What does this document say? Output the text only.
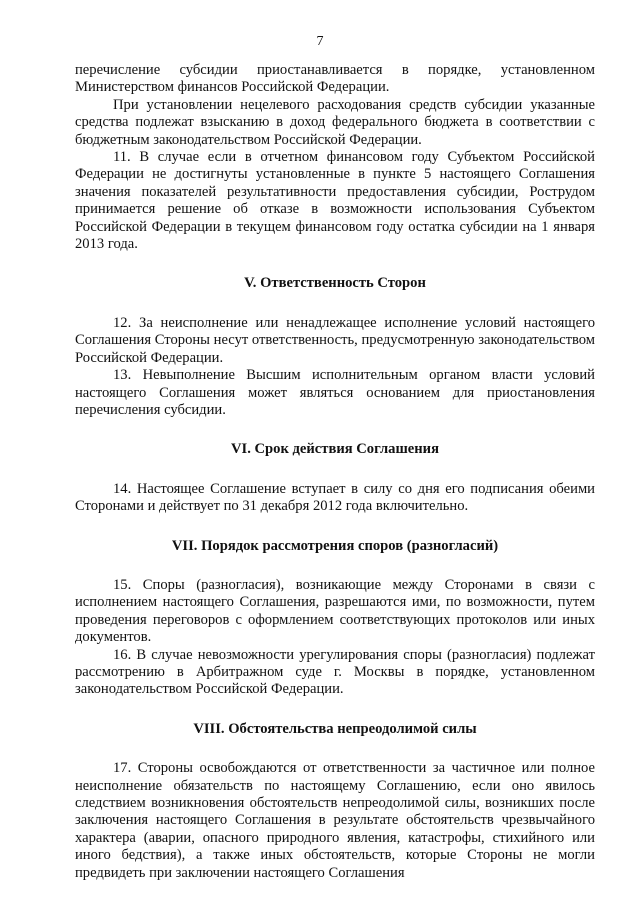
7

перечисление субсидии приостанавливается в порядке, установленном Министерством финансов Российской Федерации.

При установлении нецелевого расходования средств субсидии указанные средства подлежат взысканию в доход федерального бюджета в соответствии с бюджетным законодательством Российской Федерации.

11. В случае если в отчетном финансовом году Субъектом Российской Федерации не достигнуты установленные в пункте 5 настоящего Соглашения значения показателей результативности предоставления субсидии, Рострудом принимается решение об отказе в возможности использования Субъектом Российской Федерации в текущем финансовом году остатка субсидии на 1 января 2013 года.

V. Ответственность Сторон

12. За неисполнение или ненадлежащее исполнение условий настоящего Соглашения Стороны несут ответственность, предусмотренную законодательством Российской Федерации.

13. Невыполнение Высшим исполнительным органом власти условий настоящего Соглашения может являться основанием для приостановления перечисления субсидии.

VI. Срок действия Соглашения

14. Настоящее Соглашение вступает в силу со дня его подписания обеими Сторонами и действует по 31 декабря 2012 года включительно.

VII. Порядок рассмотрения споров (разногласий)

15. Споры (разногласия), возникающие между Сторонами в связи с исполнением настоящего Соглашения, разрешаются ими, по возможности, путем проведения переговоров с оформлением соответствующих протоколов или иных документов.

16. В случае невозможности урегулирования споры (разногласия) подлежат рассмотрению в Арбитражном суде г. Москвы в порядке, установленном законодательством Российской Федерации.

VIII. Обстоятельства непреодолимой силы

17. Стороны освобождаются от ответственности за частичное или полное неисполнение обязательств по настоящему Соглашению, если оно явилось следствием возникновения обстоятельств непреодолимой силы, возникших после заключения настоящего Соглашения в результате обстоятельств чрезвычайного характера (аварии, опасного природного явления, катастрофы, стихийного или иного бедствия), а также иных обстоятельств, которые Стороны не могли предвидеть при заключении настоящего Соглашения
